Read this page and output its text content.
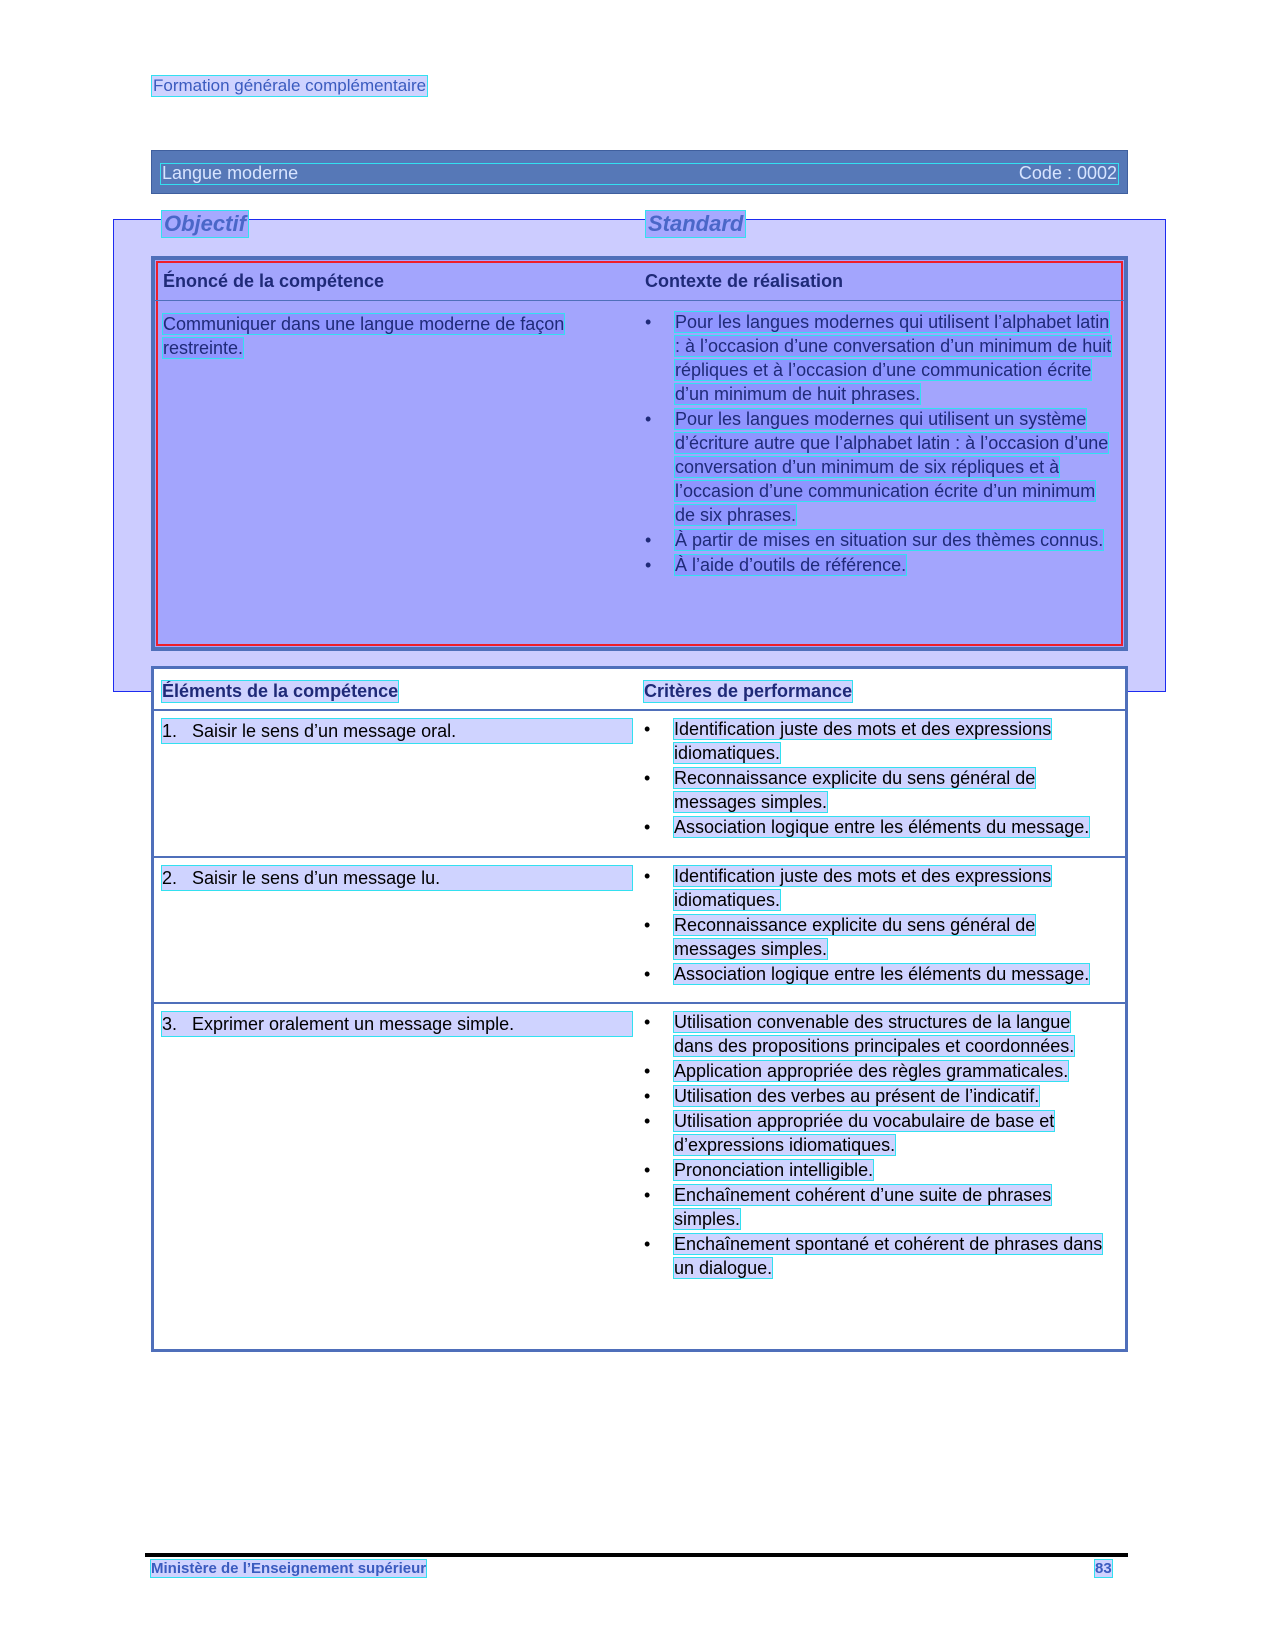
Formation générale complémentaire
Langue moderne	Code : 0002
Objectif	Standard
Énoncé de la compétence	Contexte de réalisation
Communiquer dans une langue moderne de façon restreinte.
•	Pour les langues modernes qui utilisent l’alphabet latin : à l’occasion d’une conversation d’un minimum de huit répliques et à l’occasion d’une communication écrite d’un minimum de huit phrases.
•	Pour les langues modernes qui utilisent un système d’écriture autre que l’alphabet latin : à l’occasion d’une conversation d’un minimum de six répliques et à l’occasion d’une communication écrite d’un minimum de six phrases.
•	À partir de mises en situation sur des thèmes connus.
•	À l’aide d’outils de référence.
Éléments de la compétence	Critères de performance
1. Saisir le sens d’un message oral.	•	Identification juste des mots et des expressions idiomatiques.
•	Reconnaissance explicite du sens général de messages simples.
•	Association logique entre les éléments du message.
2. Saisir le sens d’un message lu.	•	Identification juste des mots et des expressions idiomatiques.
•	Reconnaissance explicite du sens général de messages simples.
•	Association logique entre les éléments du message.
3. Exprimer oralement un message simple.	•	Utilisation convenable des structures de la langue dans des propositions principales et coordonnées.
•	Application appropriée des règles grammaticales.
•	Utilisation des verbes au présent de l’indicatif.
•	Utilisation appropriée du vocabulaire de base et d’expressions idiomatiques.
•	Prononciation intelligible.
•	Enchaînement cohérent d’une suite de phrases simples.
•	Enchaînement spontané et cohérent de phrases dans un dialogue.
Ministère de l’Enseignement supérieur	83
